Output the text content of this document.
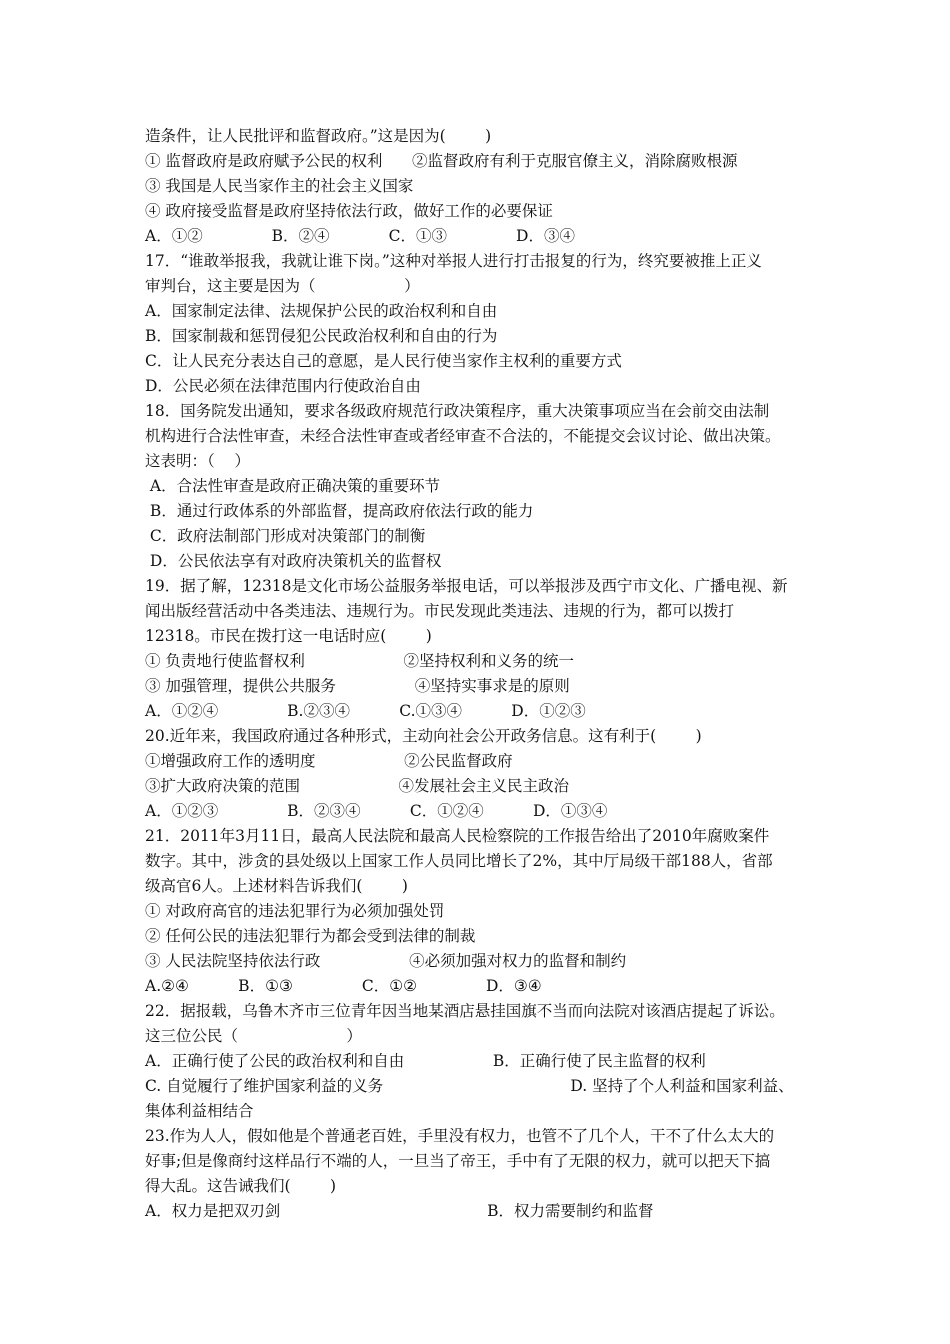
造条件，让人民批评和监督政府。”这是因为(        )
① 监督政府是政府赋予公民的权利      ②监督政府有利于克服官僚主义，消除腐败根源
③ 我国是人民当家作主的社会主义国家
④ 政府接受监督是政府坚持依法行政，做好工作的必要保证
A．①②              B．②④            C．①③              D．③④
17．“谁敢举报我，我就让谁下岗。”这种对举报人进行打击报复的行为，终究要被推上正义
审判台，这主要是因为（                  ）
A．国家制定法律、法规保护公民的政治权利和自由
B．国家制裁和惩罚侵犯公民政治权利和自由的行为
C．让人民充分表达自己的意愿，是人民行使当家作主权利的重要方式
D．公民必须在法律范围内行使政治自由
18．国务院发出通知，要求各级政府规范行政决策程序，重大决策事项应当在会前交由法制
机构进行合法性审查，未经合法性审查或者经审查不合法的，不能提交会议讨论、做出决策。
这表明：（    ）
A．合法性审查是政府正确决策的重要环节
B．通过行政体系的外部监督，提高政府依法行政的能力
C．政府法制部门形成对决策部门的制衡
D．公民依法享有对政府决策机关的监督权
19．据了解，12318是文化市场公益服务举报电话，可以举报涉及西宁市文化、广播电视、新
闻出版经营活动中各类违法、违规行为。市民发现此类违法、违规的行为，都可以拨打
12318。市民在拨打这一电话时应(        )
① 负责地行使监督权利                    ②坚持权利和义务的统一
③ 加强管理，提供公共服务                ④坚持实事求是的原则
A．①②④              B.②③④          C.①③④          D．①②③
20.近年来，我国政府通过各种形式，主动向社会公开政务信息。这有利于(        )
①增强政府工作的透明度                  ②公民监督政府
③扩大政府决策的范围                    ④发展社会主义民主政治
A．①②③              B．②③④          C．①②④          D．①③④
21．2011年3月11日，最高人民法院和最高人民检察院的工作报告给出了2010年腐败案件
数字。其中，涉贪的县处级以上国家工作人员同比增长了2%，其中厅局级干部188人，省部
级高官6人。上述材料告诉我们(        )
① 对政府高官的违法犯罪行为必须加强处罚
② 任何公民的违法犯罪行为都会受到法律的制裁
③ 人民法院坚持依法行政                  ④必须加强对权力的监督和制约
A.②④          B．①③              C．①②              D．③④
22．据报载，乌鲁木齐市三位青年因当地某酒店悬挂国旗不当而向法院对该酒店提起了诉讼。
这三位公民（                      ）
A．正确行使了公民的政治权利和自由                  B．正确行使了民主监督的权利
C. 自觉履行了维护国家利益的义务                                      D. 坚持了个人利益和国家利益、
集体利益相结合
23.作为人人，假如他是个普通老百姓，手里没有权力，也管不了几个人，干不了什么太大的
好事;但是像商纣这样品行不端的人，一旦当了帝王，手中有了无限的权力，就可以把天下搞
得大乱。这告诫我们(        )
A．权力是把双刃剑                                          B．权力需要制约和监督
